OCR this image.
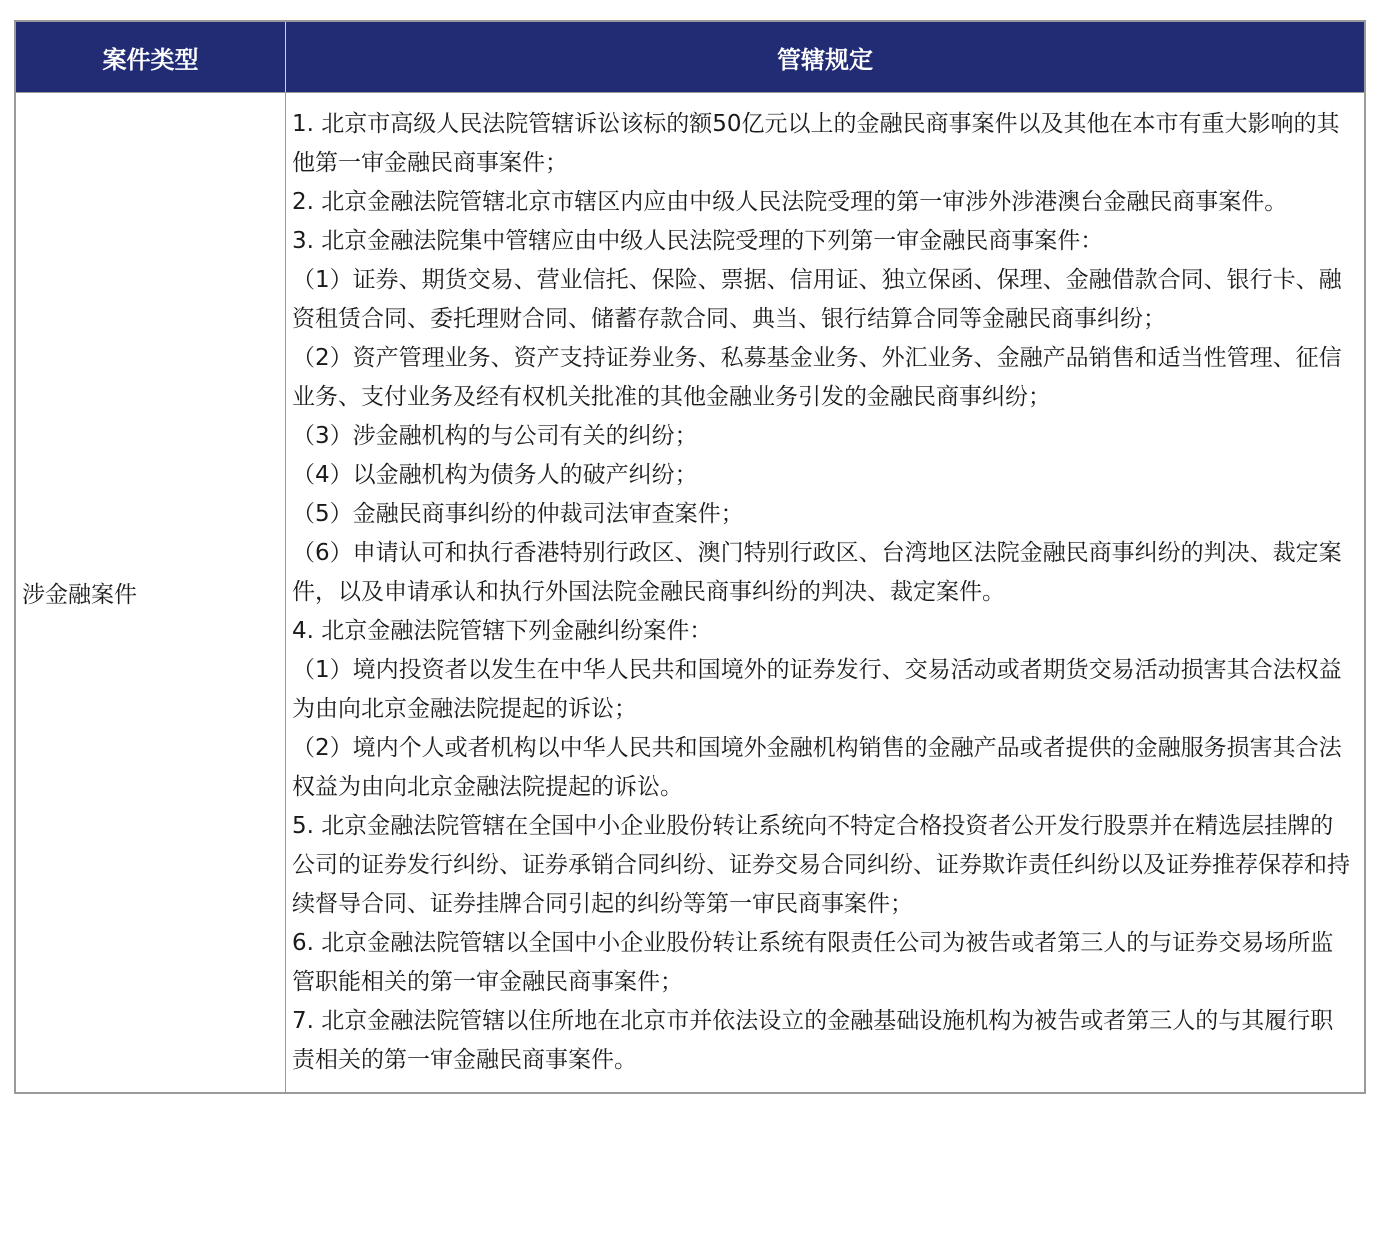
案件类型	管辖规定
涉金融案件
1. 北京市高级人民法院管辖诉讼该标的额50亿元以上的金融民商事案件以及其他在本市有重大影响的其他第一审金融民商事案件；
2. 北京金融法院管辖北京市辖区内应由中级人民法院受理的第一审涉外涉港澳台金融民商事案件。
3. 北京金融法院集中管辖应由中级人民法院受理的下列第一审金融民商事案件：
（1）证券、期货交易、营业信托、保险、票据、信用证、独立保函、保理、金融借款合同、银行卡、融资租赁合同、委托理财合同、储蓄存款合同、典当、银行结算合同等金融民商事纠纷；
（2）资产管理业务、资产支持证券业务、私募基金业务、外汇业务、金融产品销售和适当性管理、征信业务、支付业务及经有权机关批准的其他金融业务引发的金融民商事纠纷；
（3）涉金融机构的与公司有关的纠纷；
（4）以金融机构为债务人的破产纠纷；
（5）金融民商事纠纷的仲裁司法审查案件；
（6）申请认可和执行香港特别行政区、澳门特别行政区、台湾地区法院金融民商事纠纷的判决、裁定案件，以及申请承认和执行外国法院金融民商事纠纷的判决、裁定案件。
4. 北京金融法院管辖下列金融纠纷案件：
（1）境内投资者以发生在中华人民共和国境外的证券发行、交易活动或者期货交易活动损害其合法权益为由向北京金融法院提起的诉讼；
（2）境内个人或者机构以中华人民共和国境外金融机构销售的金融产品或者提供的金融服务损害其合法权益为由向北京金融法院提起的诉讼。
5. 北京金融法院管辖在全国中小企业股份转让系统向不特定合格投资者公开发行股票并在精选层挂牌的公司的证券发行纠纷、证券承销合同纠纷、证券交易合同纠纷、证券欺诈责任纠纷以及证券推荐保荐和持续督导合同、证券挂牌合同引起的纠纷等第一审民商事案件；
6. 北京金融法院管辖以全国中小企业股份转让系统有限责任公司为被告或者第三人的与证券交易场所监管职能相关的第一审金融民商事案件；
7. 北京金融法院管辖以住所地在北京市并依法设立的金融基础设施机构为被告或者第三人的与其履行职责相关的第一审金融民商事案件。
